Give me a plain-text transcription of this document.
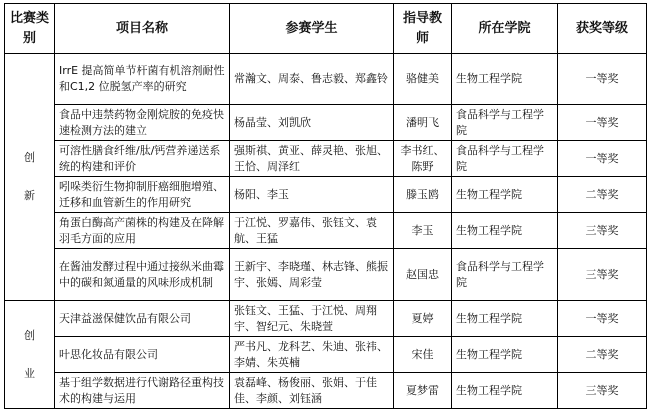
比赛类别	项目名称	参赛学生	指导教师	所在学院	获奖等级

创
新	IrrE 提高简单节杆菌有机溶剂耐性和C1,2 位脱氢产率的研究	常瀚文、周泰、鲁志毅、郑鑫铃	骆健美	生物工程学院	一等奖
	食品中违禁药物金刚烷胺的免疫快速检测方法的建立	杨晶莹、刘凯欣	潘明飞	食品科学与工程学院	一等奖
	可溶性膳食纤维/肽/钙营养递送系统的构建和评价	强斯祺、黄亚、薛灵艳、张旭、王恰、周泽红	李书红、陈野	食品科学与工程学院	一等奖
	吲哚类衍生物抑制肝癌细胞增殖、迁移和血管新生的作用研究	杨阳、李玉	滕玉鸥	生物工程学院	二等奖
	角蛋白酶高产菌株的构建及在降解羽毛方面的应用	于江悦、罗嘉伟、张钰文、袁航、王猛	李玉	生物工程学院	三等奖
	在酱油发酵过程中通过接纵米曲霉中的碳和氮通量的风味形成机制	王新宇、李晓瑾、林志锋、熊振宇、张嫣、周彩莹	赵国忠	食品科学与工程学院	三等奖

创
业	天津益滋保健饮品有限公司	张钰文、王猛、于江悦、周翔宇、智纪元、朱晓萱	夏婷	生物工程学院	一等奖
	叶思化妆品有限公司	严书凡、龙科艺、朱迪、张祎、李婧、朱英楠	宋佳	生物工程学院	二等奖
	基于组学数据进行代谢路径重构技术的构建与运用	袁磊峰、杨俊丽、张娟、于佳佳、李颜、刘钰涵	夏梦雷	生物工程学院	三等奖
